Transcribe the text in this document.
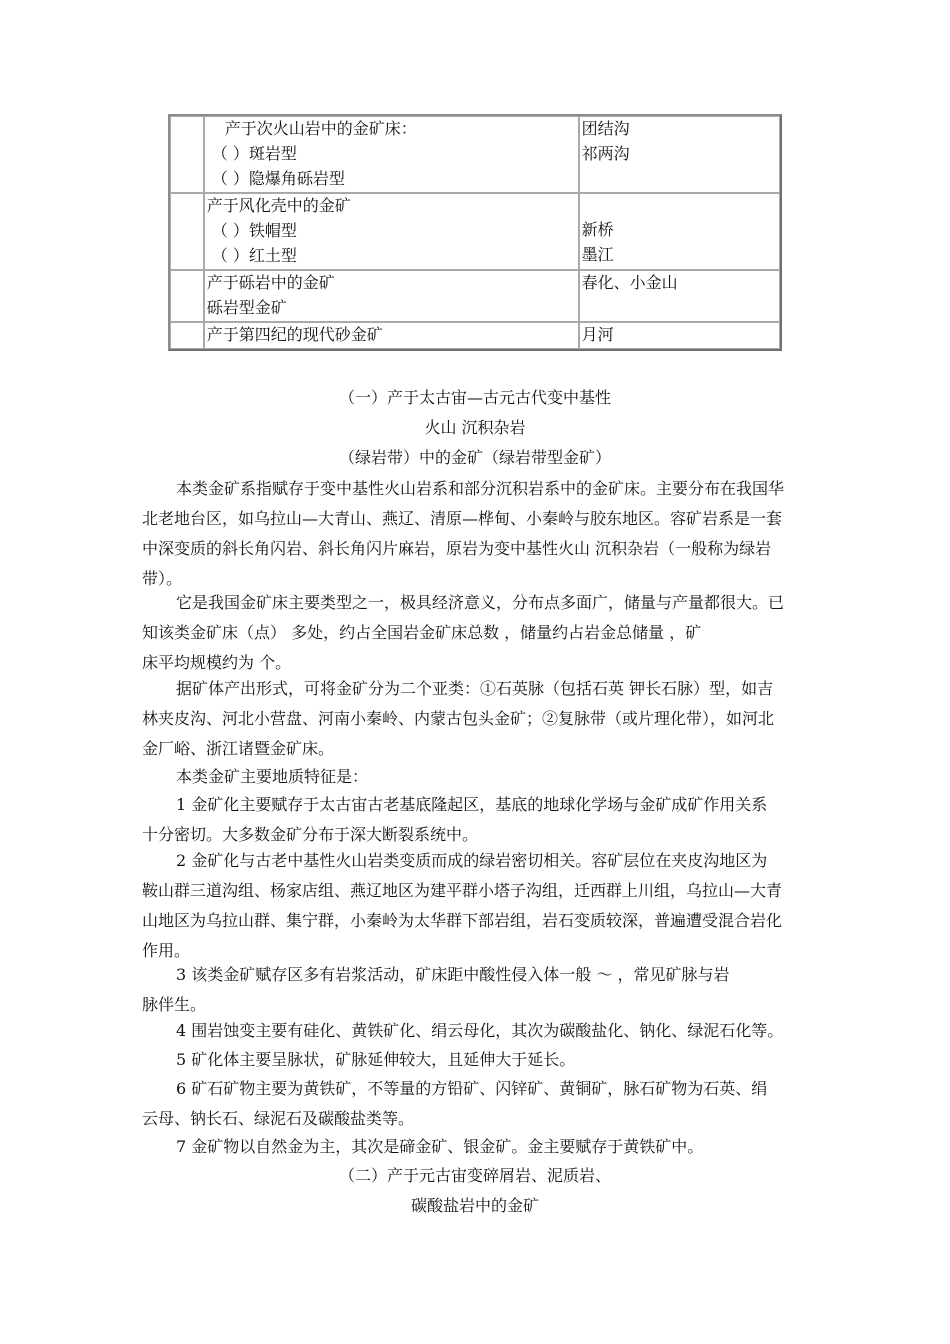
	产于次火山岩中的金矿床：
（ ）斑岩型
（ ）隐爆角砾岩型	团结沟
祁两沟

	产于风化壳中的金矿
（ ）铁帽型
（ ）红土型	新桥
墨江

	产于砾岩中的金矿
砾岩型金矿	春化、小金山

	产于第四纪的现代砂金矿	月河
（一）产于太古宙—古元古代变中基性
火山 沉积杂岩
（绿岩带）中的金矿（绿岩带型金矿）
本类金矿系指赋存于变中基性火山岩系和部分沉积岩系中的金矿床。主要分布在我国华
北老地台区，如乌拉山—大青山、燕辽、清原—桦甸、小秦岭与胶东地区。容矿岩系是一套
中深变质的斜长角闪岩、斜长角闪片麻岩，原岩为变中基性火山 沉积杂岩（一般称为绿岩
带）。
它是我国金矿床主要类型之一，极具经济意义，分布点多面广，储量与产量都很大。已
知该类金矿床（点） 多处，约占全国岩金矿床总数 ，储量约占岩金总储量 ，矿
床平均规模约为 个。
据矿体产出形式，可将金矿分为二个亚类：①石英脉（包括石英 钾长石脉）型，如吉
林夹皮沟、河北小营盘、河南小秦岭、内蒙古包头金矿；②复脉带（或片理化带），如河北
金厂峪、浙江诸暨金矿床。
本类金矿主要地质特征是：
1 金矿化主要赋存于太古宙古老基底隆起区，基底的地球化学场与金矿成矿作用关系
十分密切。大多数金矿分布于深大断裂系统中。
2 金矿化与古老中基性火山岩类变质而成的绿岩密切相关。容矿层位在夹皮沟地区为
鞍山群三道沟组、杨家店组、燕辽地区为建平群小塔子沟组，迁西群上川组，乌拉山—大青
山地区为乌拉山群、集宁群，小秦岭为太华群下部岩组，岩石变质较深，普遍遭受混合岩化
作用。
3 该类金矿赋存区多有岩浆活动，矿床距中酸性侵入体一般 ～ ，常见矿脉与岩
脉伴生。
4 围岩蚀变主要有硅化、黄铁矿化、绢云母化，其次为碳酸盐化、钠化、绿泥石化等。
5 矿化体主要呈脉状，矿脉延伸较大，且延伸大于延长。
6 矿石矿物主要为黄铁矿，不等量的方铅矿、闪锌矿、黄铜矿，脉石矿物为石英、绢
云母、钠长石、绿泥石及碳酸盐类等。
7 金矿物以自然金为主，其次是碲金矿、银金矿。金主要赋存于黄铁矿中。
（二）产于元古宙变碎屑岩、泥质岩、
碳酸盐岩中的金矿
